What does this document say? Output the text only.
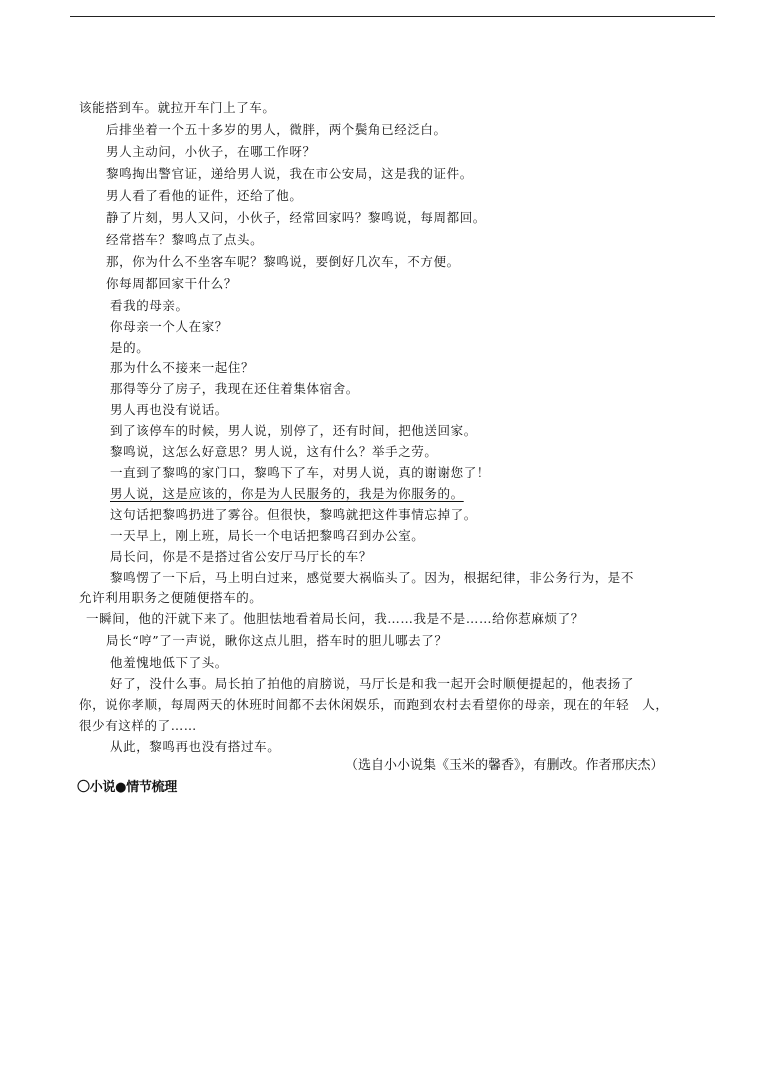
该能搭到车。就拉开车门上了车。
后排坐着一个五十多岁的男人，微胖，两个鬓角已经泛白。
男人主动问，小伙子，在哪工作呀？
黎鸣掏出警官证，递给男人说，我在市公安局，这是我的证件。
男人看了看他的证件，还给了他。
静了片刻，男人又问，小伙子，经常回家吗？黎鸣说，每周都回。
经常搭车？黎鸣点了点头。
那，你为什么不坐客车呢？黎鸣说，要倒好几次车，不方便。
你每周都回家干什么？
看我的母亲。
你母亲一个人在家？
是的。
那为什么不接来一起住？
那得等分了房子，我现在还住着集体宿舍。
男人再也没有说话。
到了该停车的时候，男人说，别停了，还有时间，把他送回家。
黎鸣说，这怎么好意思？男人说，这有什么？举手之劳。
一直到了黎鸣的家门口，黎鸣下了车，对男人说，真的谢谢您了！
男人说，这是应该的，你是为人民服务的，我是为你服务的。
这句话把黎鸣扔进了雾谷。但很快，黎鸣就把这件事情忘掉了。
一天早上，刚上班，局长一个电话把黎鸣召到办公室。
局长问，你是不是搭过省公安厅马厅长的车？
黎鸣愣了一下后，马上明白过来，感觉要大祸临头了。因为，根据纪律，非公务行为，是不
允许利用职务之便随便搭车的。
一瞬间，他的汗就下来了。他胆怯地看着局长问，我……我是不是……给你惹麻烦了？
局长“哼”了一声说，瞅你这点儿胆，搭车时的胆儿哪去了？
他羞愧地低下了头。
好了，没什么事。局长拍了拍他的肩膀说，马厅长是和我一起开会时顺便提起的，他表扬了
你，说你孝顺，每周两天的休班时间都不去休闲娱乐，而跑到农村去看望你的母亲，现在的年轻　人，
很少有这样的了……
从此，黎鸣再也没有搭过车。
（选自小小说集《玉米的馨香》，有删改。作者邢庆杰）
〇小说●情节梳理
